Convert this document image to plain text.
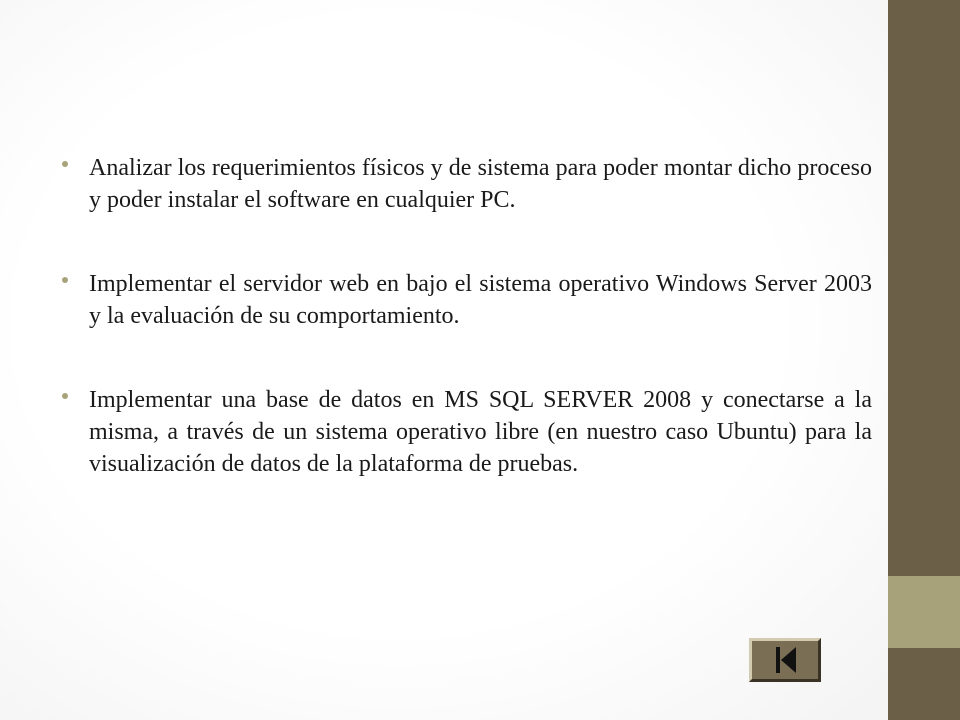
Analizar los requerimientos físicos y de sistema para poder montar dicho proceso y poder instalar el software en cualquier PC.
Implementar el servidor web en bajo el sistema operativo Windows Server 2003 y la evaluación de su comportamiento.
Implementar una base de datos en MS SQL SERVER 2008 y conectarse a la misma, a través de un sistema operativo libre (en nuestro caso Ubuntu) para la visualización de datos de la plataforma de pruebas.
